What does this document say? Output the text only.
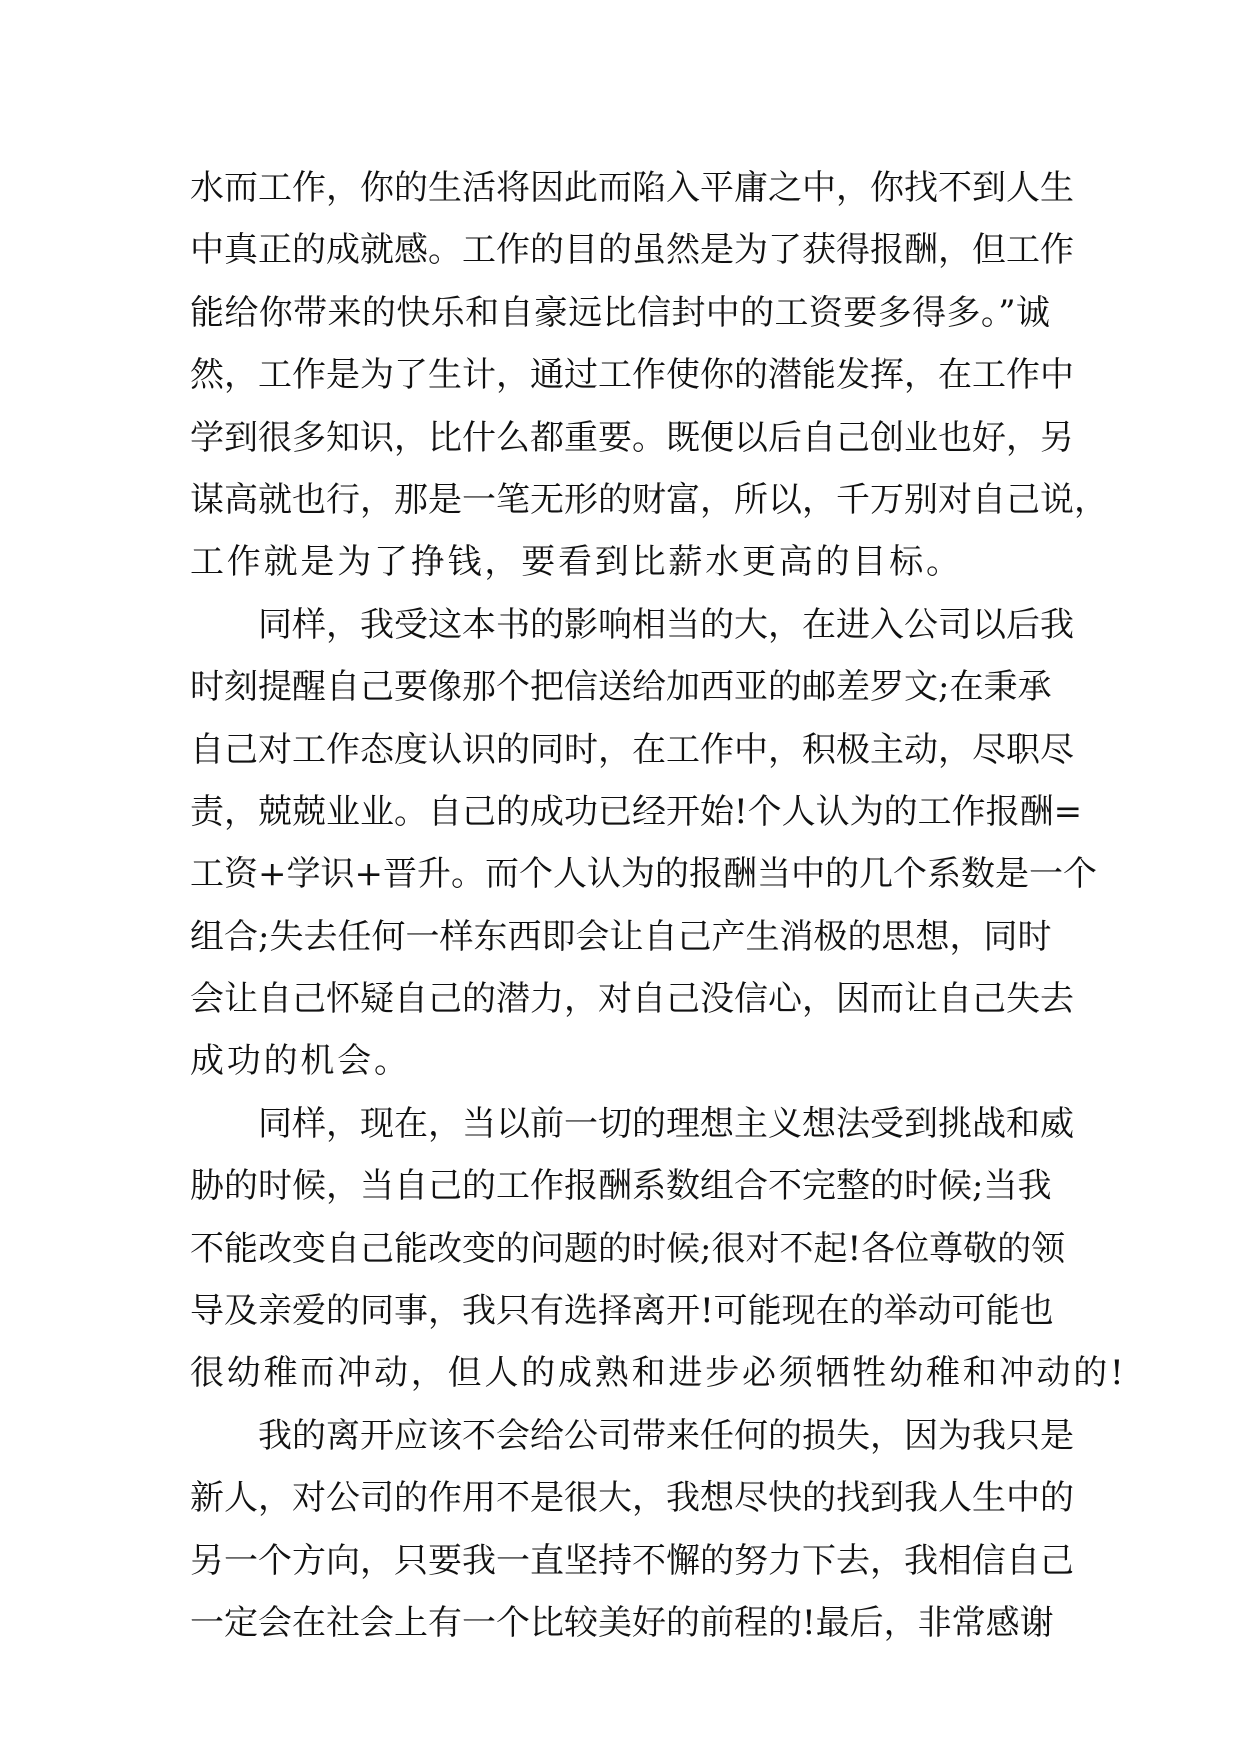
水而工作，你的生活将因此而陷入平庸之中，你找不到人生
中真正的成就感。工作的目的虽然是为了获得报酬，但工作
能给你带来的快乐和自豪远比信封中的工资要多得多。”诚
然，工作是为了生计，通过工作使你的潜能发挥，在工作中
学到很多知识，比什么都重要。既便以后自己创业也好，另
谋高就也行，那是一笔无形的财富，所以，千万别对自己说，
工作就是为了挣钱，要看到比薪水更高的目标。
同样，我受这本书的影响相当的大，在进入公司以后我
时刻提醒自己要像那个把信送给加西亚的邮差罗文;在秉承
自己对工作态度认识的同时，在工作中，积极主动，尽职尽
责，兢兢业业。自己的成功已经开始!个人认为的工作报酬=
工资+学识+晋升。而个人认为的报酬当中的几个系数是一个
组合;失去任何一样东西即会让自己产生消极的思想，同时
会让自己怀疑自己的潜力，对自己没信心，因而让自己失去
成功的机会。
同样，现在，当以前一切的理想主义想法受到挑战和威
胁的时候，当自己的工作报酬系数组合不完整的时候;当我
不能改变自己能改变的问题的时候;很对不起!各位尊敬的领
导及亲爱的同事，我只有选择离开!可能现在的举动可能也
很幼稚而冲动，但人的成熟和进步必须牺牲幼稚和冲动的!
我的离开应该不会给公司带来任何的损失，因为我只是
新人，对公司的作用不是很大，我想尽快的找到我人生中的
另一个方向，只要我一直坚持不懈的努力下去，我相信自己
一定会在社会上有一个比较美好的前程的!最后，非常感谢
